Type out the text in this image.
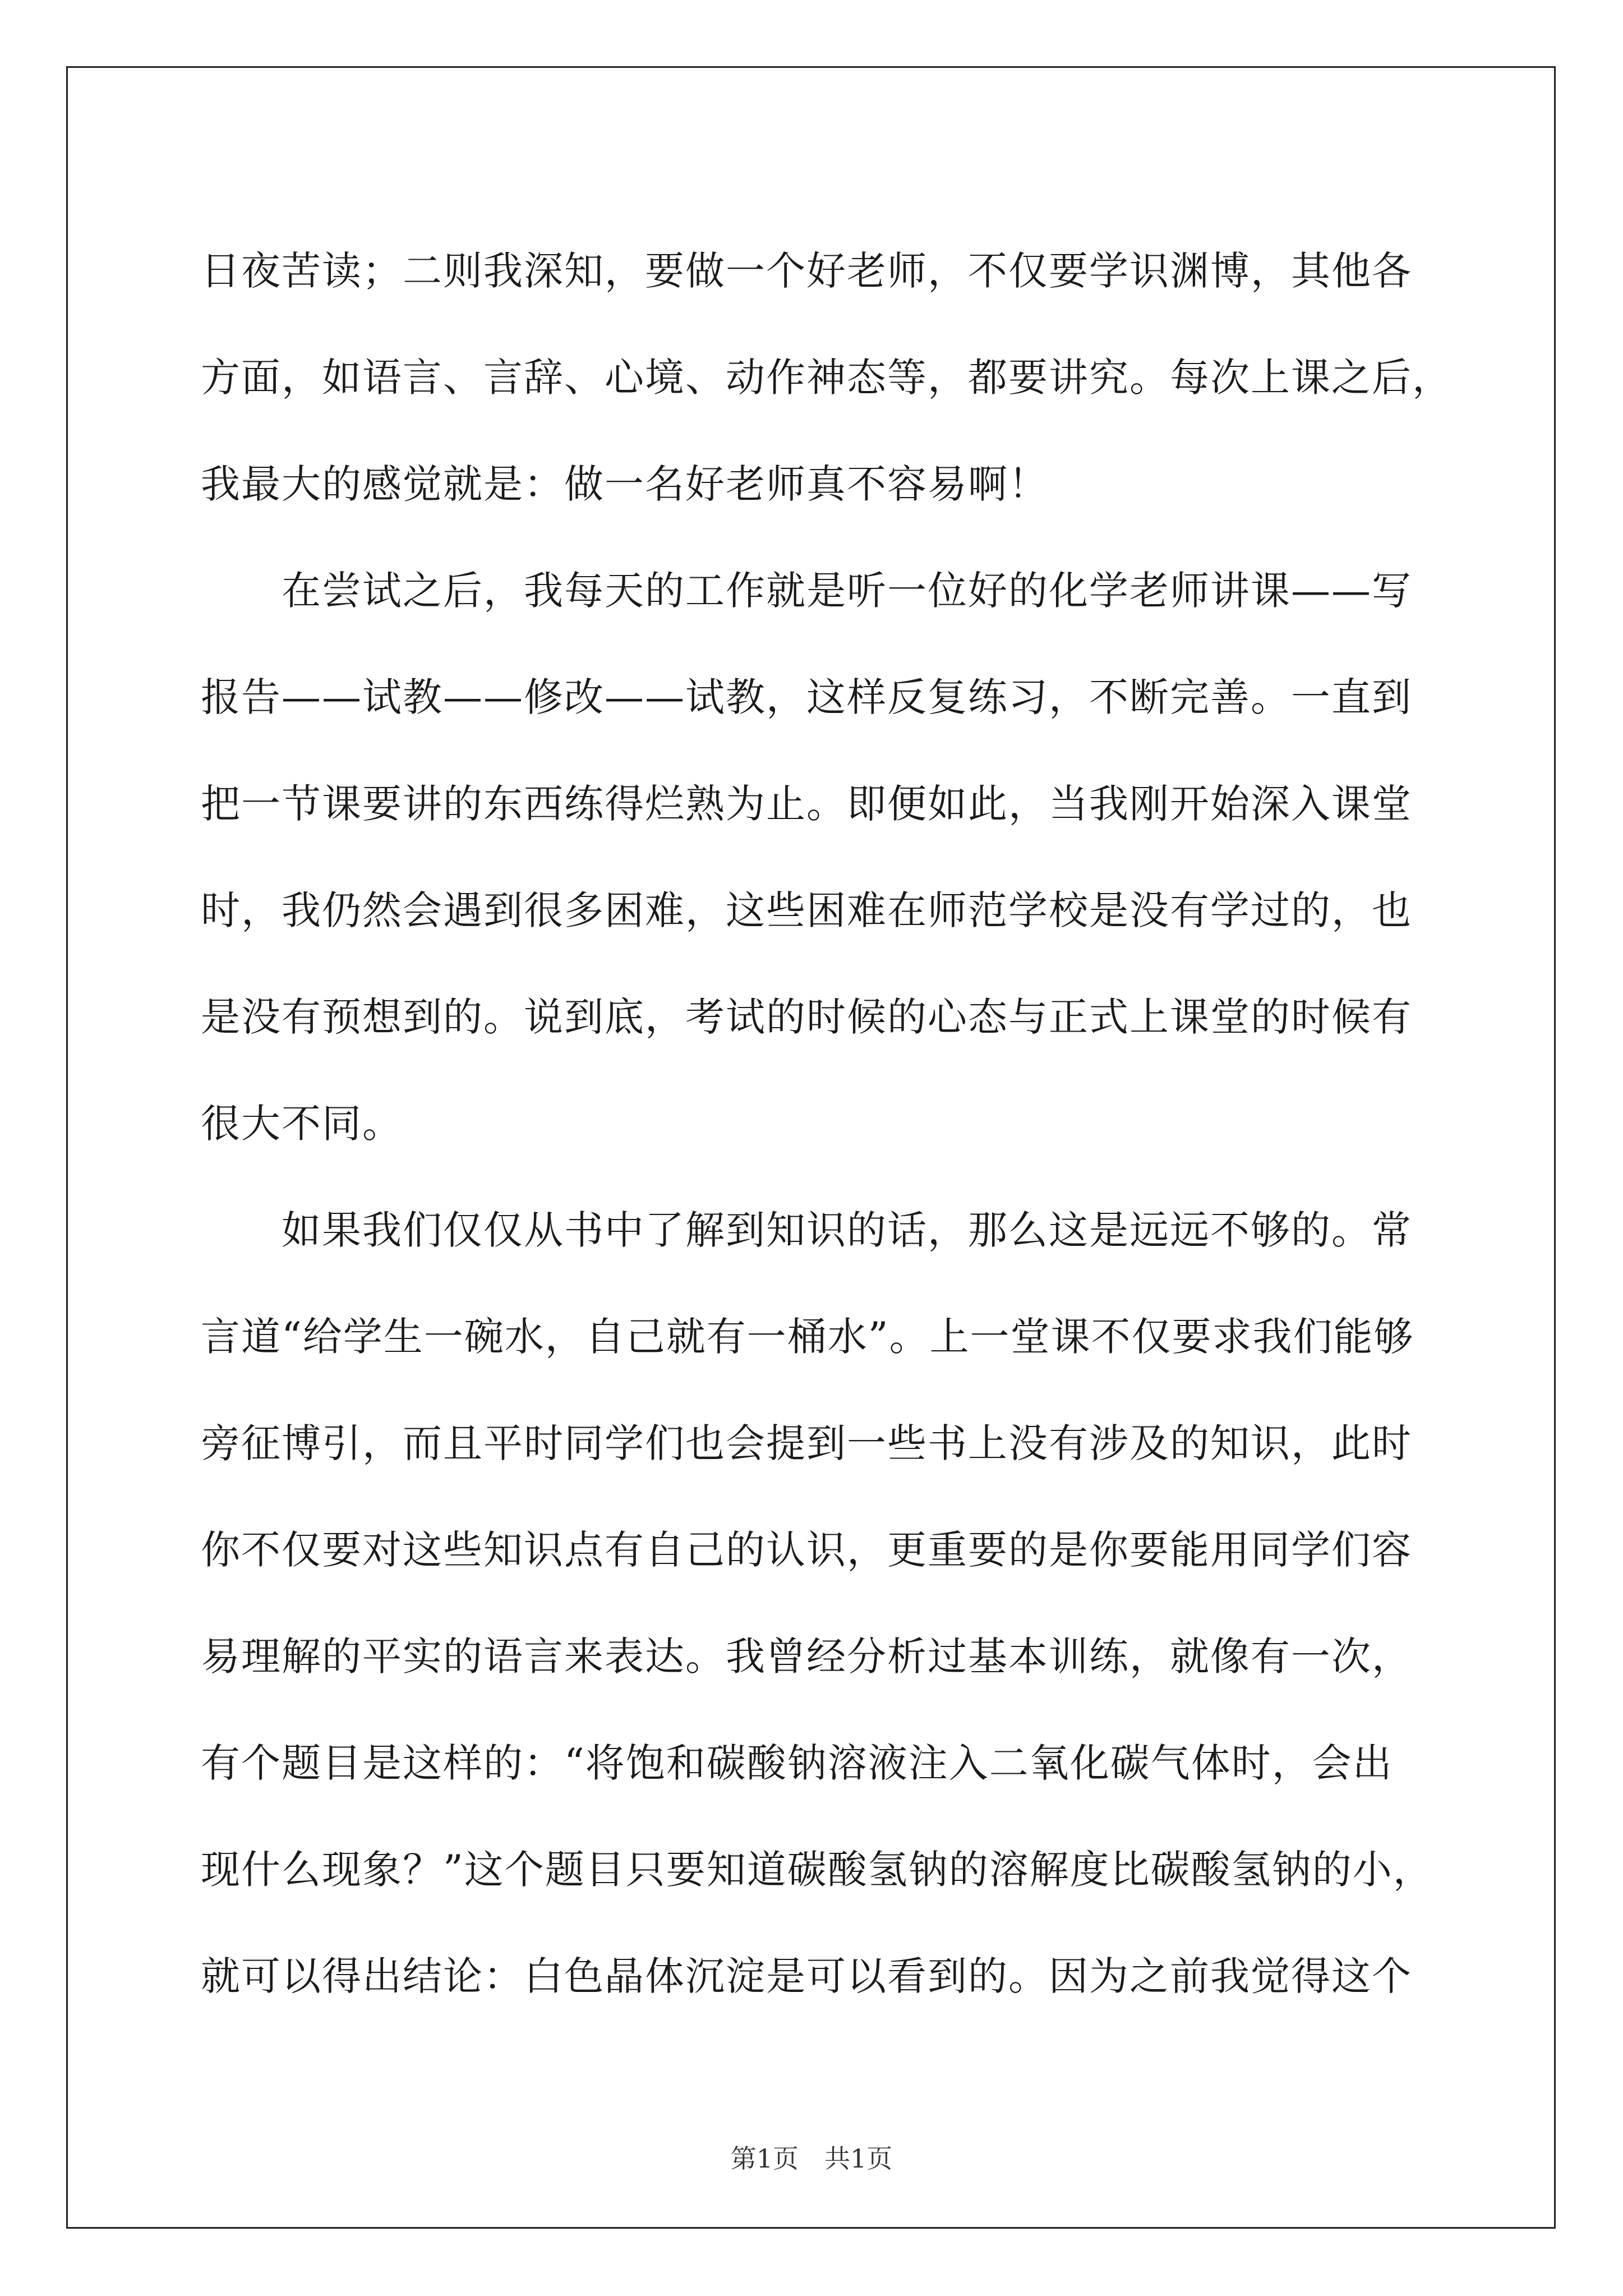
日夜苦读；二则我深知，要做一个好老师，不仅要学识渊博，其他各
方面，如语言、言辞、心境、动作神态等，都要讲究。每次上课之后，
我最大的感觉就是：做一名好老师真不容易啊！
　　在尝试之后，我每天的工作就是听一位好的化学老师讲课——写
报告——试教——修改——试教，这样反复练习，不断完善。一直到
把一节课要讲的东西练得烂熟为止。即便如此，当我刚开始深入课堂
时，我仍然会遇到很多困难，这些困难在师范学校是没有学过的，也
是没有预想到的。说到底，考试的时候的心态与正式上课堂的时候有
很大不同。
　　如果我们仅仅从书中了解到知识的话，那么这是远远不够的。常
言道“给学生一碗水，自己就有一桶水”。上一堂课不仅要求我们能够
旁征博引，而且平时同学们也会提到一些书上没有涉及的知识，此时
你不仅要对这些知识点有自己的认识，更重要的是你要能用同学们容
易理解的平实的语言来表达。我曾经分析过基本训练，就像有一次，
有个题目是这样的：“将饱和碳酸钠溶液注入二氧化碳气体时，会出
现什么现象？”这个题目只要知道碳酸氢钠的溶解度比碳酸氢钠的小，
就可以得出结论：白色晶体沉淀是可以看到的。因为之前我觉得这个
第1页　共1页
